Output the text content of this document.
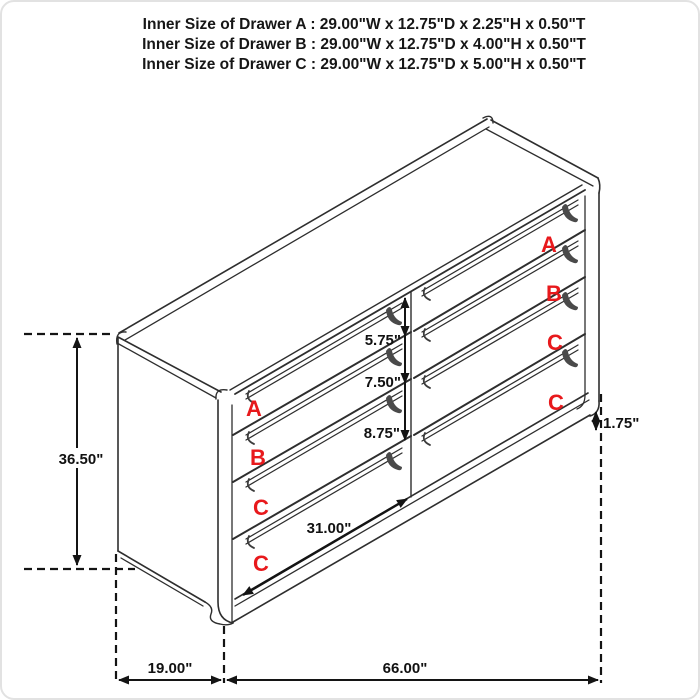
Inner Size of Drawer A : 29.00"W x 12.75"D x 2.25"H x 0.50"T
Inner Size of Drawer B : 29.00"W x 12.75"D x 4.00"H x 0.50"T
Inner Size of Drawer C : 29.00"W x 12.75"D x 5.00"H x 0.50"T
A
B
C
C
A
B
C
C
36.50"
5.75"
7.50"
8.75"
31.00"
1.75"
19.00"	66.00"
